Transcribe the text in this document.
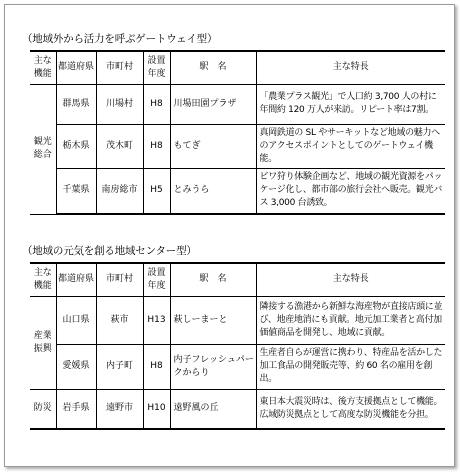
（地域外から活力を呼ぶゲートウェイ型）
主な機能	都道府県	市町村	設置年度	駅　名	主な特長
観光総合	群馬県	川場村	H8	川場田園プラザ	「農業プラス観光」で人口約 3,700 人の村に年間約 120 万人が来訪。リピート率は7割。
	栃木県	茂木町	H8	もてぎ	真岡鉄道の SL やサーキットなど地域の魅力へのアクセスポイントとしてのゲートウェイ機能。
	千葉県	南房総市	H5	とみうら	ビワ狩り体験企画など、地域の観光資源をパッケージ化し、都市部の旅行会社へ販売。観光バス 3,000 台誘致。
（地域の元気を創る地域センター型）
主な機能	都道府県	市町村	設置年度	駅　名	主な特長
産業振興	山口県	萩市	H13	萩しーまーと	隣接する漁港から新鮮な海産物が直接店頭に並び、地産地消にも貢献。地元加工業者と高付加価値商品を開発し、地域に貢献。
	愛媛県	内子町	H8	内子フレッシュパークからり	生産者自らが運営に携わり、特産品を活かした加工食品の開発販売等、約 60 名の雇用を創出。
防災	岩手県	遠野市	H10	遠野風の丘	東日本大震災時は、後方支援拠点として機能。広域防災拠点として高度な防災機能を分担。
